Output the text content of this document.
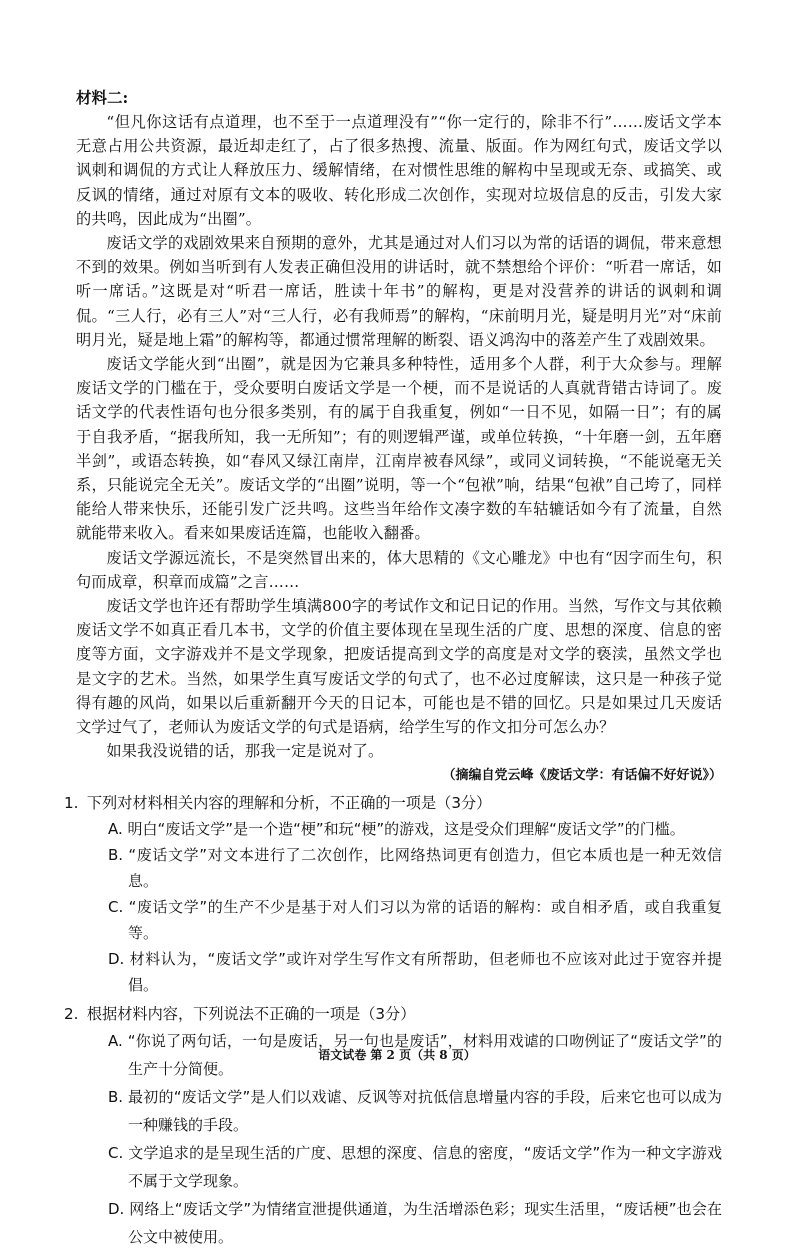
材料二:

“但凡你这话有点道理，也不至于一点道理没有”“你一定行的，除非不行”……废话文学本无意占用公共资源，最近却走红了，占了很多热搜、流量、版面。作为网红句式，废话文学以讽刺和调侃的方式让人释放压力、缓解情绪，在对惯性思维的解构中呈现或无奈、或搞笑、或反讽的情绪，通过对原有文本的吸收、转化形成二次创作，实现对垃圾信息的反击，引发大家的共鸣，因此成为“出圈”。

废话文学的戏剧效果来自预期的意外，尤其是通过对人们习以为常的话语的调侃，带来意想不到的效果。例如当听到有人发表正确但没用的讲话时，就不禁想给个评价：“听君一席话，如听一席话。”这既是对“听君一席话，胜读十年书”的解构，更是对没营养的讲话的讽刺和调侃。“三人行，必有三人”对“三人行，必有我师焉”的解构，“床前明月光，疑是明月光”对“床前明月光，疑是地上霜”的解构等，都通过惯常理解的断裂、语义鸿沟中的落差产生了戏剧效果。

废话文学能火到“出圈”，就是因为它兼具多种特性，适用多个人群，利于大众参与。理解废话文学的门槛在于，受众要明白废话文学是一个梗，而不是说话的人真就背错古诗词了。废话文学的代表性语句也分很多类别，有的属于自我重复，例如“一日不见，如隔一日”；有的属于自我矛盾，“据我所知，我一无所知”；有的则逻辑严谨，或单位转换，“十年磨一剑，五年磨半剑”，或语态转换，如“春风又绿江南岸，江南岸被春风绿”，或同义词转换，“不能说毫无关系，只能说完全无关”。废话文学的“出圈”说明，等一个“包袱”响，结果“包袱”自己垮了，同样能给人带来快乐，还能引发广泛共鸣。这些当年给作文凑字数的车轱辘话如今有了流量，自然就能带来收入。看来如果废话连篇，也能收入翻番。

废话文学源远流长，不是突然冒出来的，体大思精的《文心雕龙》中也有“因字而生句，积句而成章，积章而成篇”之言……

废话文学也许还有帮助学生填满800字的考试作文和记日记的作用。当然，写作文与其依赖废话文学不如真正看几本书，文学的价值主要体现在呈现生活的广度、思想的深度、信息的密度等方面，文字游戏并不是文学现象，把废话提高到文学的高度是对文学的亵渎，虽然文学也是文字的艺术。当然，如果学生真写废话文学的句式了，也不必过度解读，这只是一种孩子觉得有趣的风尚，如果以后重新翻开今天的日记本，可能也是不错的回忆。只是如果过几天废话文学过气了，老师认为废话文学的句式是语病，给学生写的作文扣分可怎么办？

如果我没说错的话，那我一定是说对了。

（摘编自党云峰《废话文学：有话偏不好好说》）

1. 下列对材料相关内容的理解和分析，不正确的一项是（3分）

A. 明白“废话文学”是一个造“梗”和玩“梗”的游戏，这是受众们理解“废话文学”的门槛。

B. “废话文学”对文本进行了二次创作，比网络热词更有创造力，但它本质也是一种无效信息。

C. “废话文学”的生产不少是基于对人们习以为常的话语的解构：或自相矛盾，或自我重复等。

D. 材料认为，“废话文学”或许对学生写作文有所帮助，但老师也不应该对此过于宽容并提倡。

2. 根据材料内容，下列说法不正确的一项是（3分）

A. “你说了两句话，一句是废话，另一句也是废话”，材料用戏谑的口吻例证了“废话文学”的生产十分简便。

B. 最初的“废话文学”是人们以戏谑、反讽等对抗低信息增量内容的手段，后来它也可以成为一种赚钱的手段。

C. 文学追求的是呈现生活的广度、思想的深度、信息的密度，“废话文学”作为一种文字游戏不属于文学现象。

D. 网络上“废话文学”为情绪宣泄提供通道，为生活增添色彩；现实生活里，“废话梗”也会在公文中被使用。

语文试卷 第 2 页（共 8 页）
